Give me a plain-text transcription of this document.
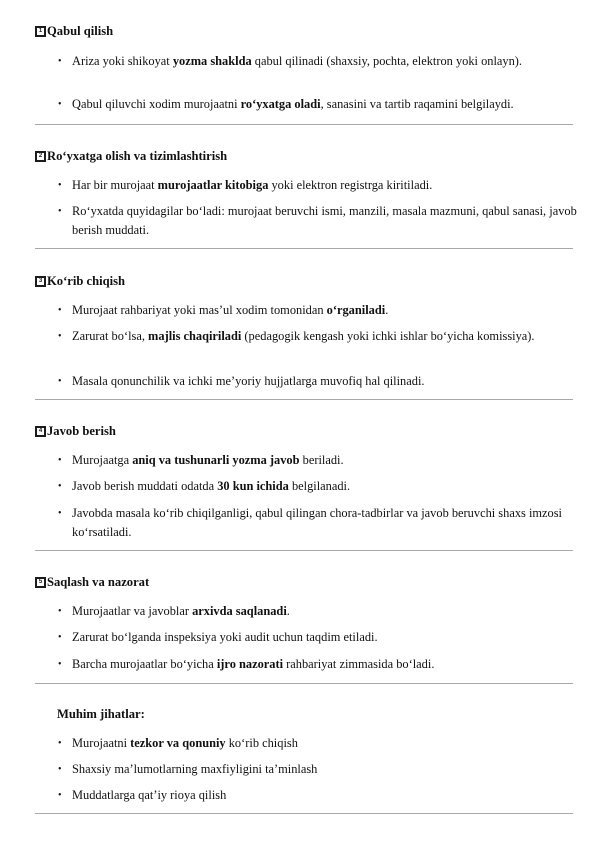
1 Qabul qilish
• Ariza yoki shikoyat yozma shaklda qabul qilinadi (shaxsiy, pochta, elektron yoki onlayn).
• Qabul qiluvchi xodim murojaatni ro‘yxatga oladi, sanasini va tartib raqamini belgilaydi.
2 Ro‘yxatga olish va tizimlashtirish
• Har bir murojaat murojaatlar kitobiga yoki elektron registrga kiritiladi.
• Ro‘yxatda quyidagilar bo‘ladi: murojaat beruvchi ismi, manzili, masala mazmuni, qabul sanasi, javob berish muddati.
3 Ko‘rib chiqish
• Murojaat rahbariyat yoki mas’ul xodim tomonidan o‘rganiladi.
• Zarurat bo‘lsa, majlis chaqiriladi (pedagogik kengash yoki ichki ishlar bo‘yicha komissiya).
• Masala qonunchilik va ichki me’yoriy hujjatlarga muvofiq hal qilinadi.
4 Javob berish
• Murojaatga aniq va tushunarli yozma javob beriladi.
• Javob berish muddati odatda 30 kun ichida belgilanadi.
• Javobda masala ko‘rib chiqilganligi, qabul qilingan chora-tadbirlar va javob beruvchi shaxs imzosi ko‘rsatiladi.
5 Saqlash va nazorat
• Murojaatlar va javoblar arxivda saqlanadi.
• Zarurat bo‘lganda inspeksiya yoki audit uchun taqdim etiladi.
• Barcha murojaatlar bo‘yicha ijro nazorati rahbariyat zimmasida bo‘ladi.
Muhim jihatlar:
• Murojaatni tezkor va qonuniy ko‘rib chiqish
• Shaxsiy ma’lumotlarning maxfiyligini ta’minlash
• Muddatlarga qat’iy rioya qilish
